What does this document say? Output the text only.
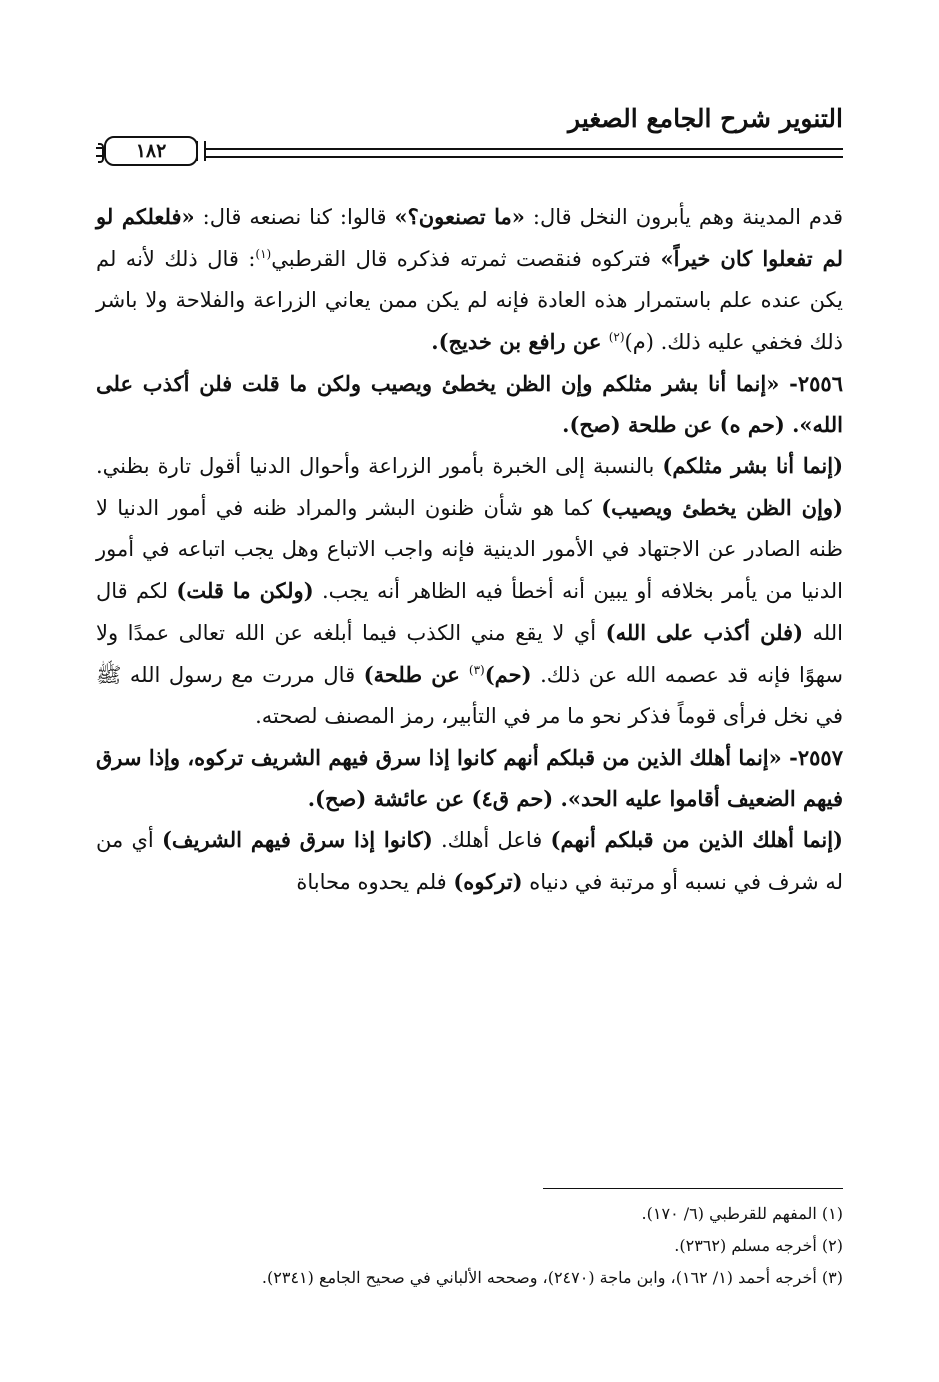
التنوير شرح الجامع الصغير
١٨٢

قدم المدينة وهم يأبرون النخل قال: «ما تصنعون؟» قالوا: كنا نصنعه قال: «فلعلكم لو لم تفعلوا كان خيراً» فتركوه فنقصت ثمرته فذكره قال القرطبي$^{(١)}$: قال ذلك لأنه لم يكن عنده علم باستمرار هذه العادة فإنه لم يكن ممن يعاني الزراعة والفلاحة ولا باشر ذلك فخفي عليه ذلك. (م)$^{(٢)}$ عن رافع بن خديج).

٢٥٥٦- «إنما أنا بشر مثلكم وإن الظن يخطئ ويصيب ولكن ما قلت فلن أكذب على الله». (حم ه) عن طلحة (صح).

(إنما أنا بشر مثلكم) بالنسبة إلى الخبرة بأمور الزراعة وأحوال الدنيا أقول تارة بظني. (وإن الظن يخطئ ويصيب) كما هو شأن ظنون البشر والمراد ظنه في أمور الدنيا لا ظنه الصادر عن الاجتهاد في الأمور الدينية فإنه واجب الاتباع وهل يجب اتباعه في أمور الدنيا من يأمر بخلافه أو يبين أنه أخطأ فيه الظاهر أنه يجب. (ولكن ما قلت) لكم قال الله (فلن أكذب على الله) أي لا يقع مني الكذب فيما أبلغه عن الله تعالى عمدًا ولا سهوًا فإنه قد عصمه الله عن ذلك. (حم)$^{(٣)}$ عن طلحة) قال مررت مع رسول الله ﷺ في نخل فرأى قوماً فذكر نحو ما مر في التأبير، رمز المصنف لصحته.

٢٥٥٧- «إنما أهلك الذين من قبلكم أنهم كانوا إذا سرق فيهم الشريف تركوه، وإذا سرق فيهم الضعيف أقاموا عليه الحد». (حم ق٤) عن عائشة (صح).

(إنما أهلك الذين من قبلكم أنهم) فاعل أهلك. (كانوا إذا سرق فيهم الشريف) أي من له شرف في نسبه أو مرتبة في دنياه (تركوه) فلم يحدوه محاباة

(١) المفهم للقرطبي (٦/ ١٧٠).
(٢) أخرجه مسلم (٢٣٦٢).
(٣) أخرجه أحمد (١/ ١٦٢)، وابن ماجة (٢٤٧٠)، وصححه الألباني في صحيح الجامع (٢٣٤١).
